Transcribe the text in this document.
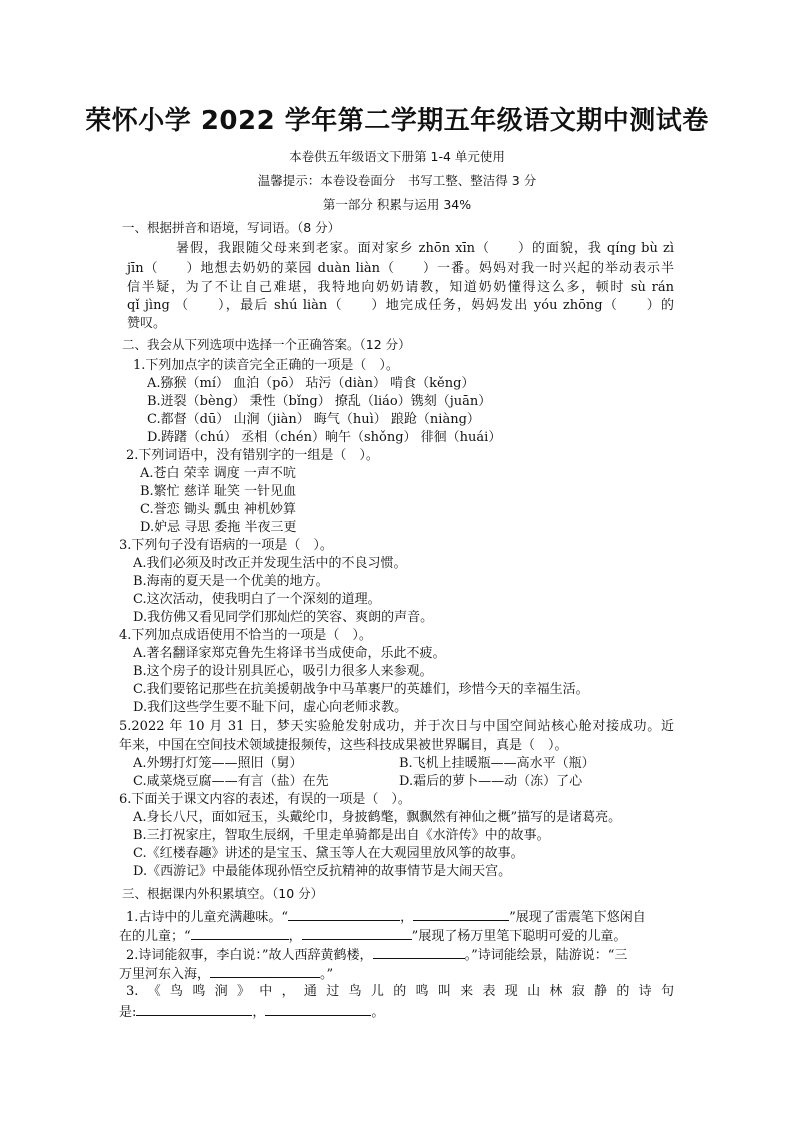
荣怀小学 2022 学年第二学期五年级语文期中测试卷
本卷供五年级语文下册第 1-4 单元使用
温馨提示：本卷设卷面分　书写工整、整洁得 3 分
第一部分 积累与运用 34%
一、根据拼音和语境，写词语。（8 分）
暑假，我跟随父母来到老家。面对家乡 zhōn xīn（　　）的面貌，我 qíng bù zì
jīn（　　）地想去奶奶的菜园 duàn liàn（　　）一番。妈妈对我一时兴起的举动表示半
信半疑，为了不让自己难堪，我特地向奶奶请教，知道奶奶懂得这么多，顿时 sù rán
qǐ jìng （　　），最后 shú liàn（　　）地完成任务，妈妈发出 yóu zhōng（　　）的
赞叹。
二、我会从下列选项中选择一个正确答案。（12 分）
1.下列加点字的读音完全正确的一项是（　）。
A.猕猴（mí） 血泊（pō） 玷污（diàn） 啃食（kěng）
B.迸裂（bèng） 秉性（bǐng） 撩乱（liáo）镌刻（juān）
C.都督（dū） 山涧（jiàn） 晦气（huì） 踉跄（niàng）
D.踌躇（chú） 丞相（chén）晌午（shǒng） 徘徊（huái）
2.下列词语中，没有错别字的一组是（　）。
A.苍白 荣幸 调度 一声不吭
B.繁忙 慈详 耻笑 一针见血
C.誉恋 锄头 瓢虫 神机妙算
D.妒忌 寻思 委拖 半夜三更
3.下列句子没有语病的一项是（　）。
A.我们必须及时改正并发现生活中的不良习惯。
B.海南的夏天是一个优美的地方。
C.这次活动，使我明白了一个深刻的道理。
D.我仿佛又看见同学们那灿烂的笑容、爽朗的声音。
4.下列加点成语使用不恰当的一项是（　）。
A.著名翻译家郑克鲁先生将译书当成使命，乐此不疲。
B.这个房子的设计别具匠心，吸引力很多人来参观。
C.我们要铭记那些在抗美援朝战争中马革裹尸的英雄们，珍惜今天的幸福生活。
D.我们这些学生要不耻下问，虚心向老师求教。
5.2022 年 10 月 31 日，梦天实验舱发射成功，并于次日与中国空间站核心舱对接成功。近
年来，中国在空间技术领域捷报频传，这些科技成果被世界瞩目，真是（　）。
A.外甥打灯笼——照旧（舅）	B.飞机上挂暖瓶——高水平（瓶）
C.咸菜烧豆腐——有言（盐）在先	D.霜后的萝卜——动（冻）了心
6.下面关于课文内容的表述，有误的一项是（　）。
A.身长八尺，面如冠玉，头戴纶巾，身披鹤氅，飘飘然有神仙之概”描写的是诸葛亮。
B.三打祝家庄，智取生辰纲，千里走单骑都是出自《水浒传》中的故事。
C.《红楼春趣》讲述的是宝玉、黛玉等人在大观园里放风筝的故事。
D.《西游记》中最能体现孙悟空反抗精神的故事情节是大闹天宫。
三、根据课内外积累填空。（10 分）
1.古诗中的儿童充满趣味。“	，	”展现了雷震笔下悠闲自
在的儿童；“	，	”展现了杨万里笔下聪明可爱的儿童。
2.诗词能叙事，李白说：”故人西辞黄鹤楼，	。”诗词能绘景，陆游说：“三
万里河东入海，	。”
3.《鸟鸣涧》中，通过鸟儿的鸣叫来表现山林寂静的诗句
是:	，	。
